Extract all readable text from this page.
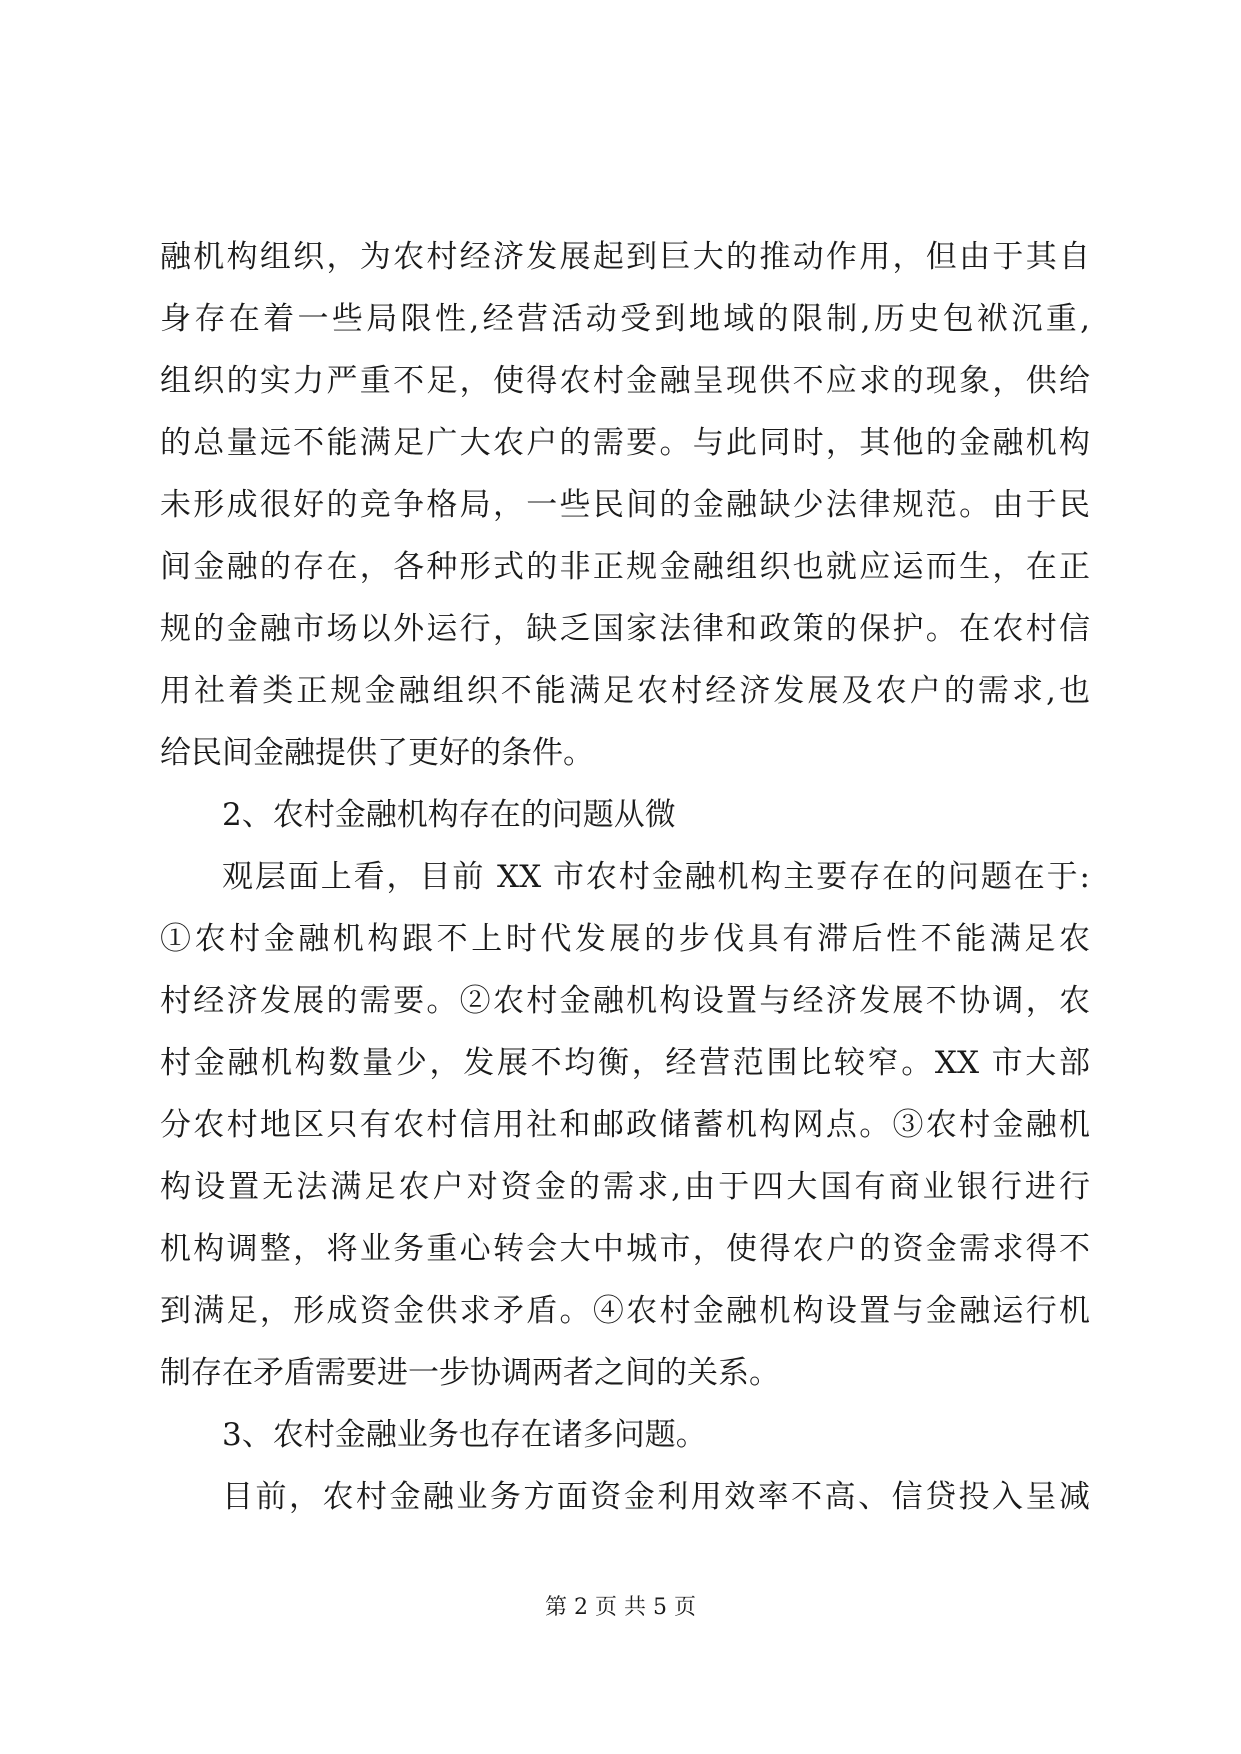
融机构组织，为农村经济发展起到巨大的推动作用，但由于其自
身存在着一些局限性,经营活动受到地域的限制,历史包袱沉重,
组织的实力严重不足，使得农村金融呈现供不应求的现象，供给
的总量远不能满足广大农户的需要。与此同时，其他的金融机构
未形成很好的竞争格局，一些民间的金融缺少法律规范。由于民
间金融的存在，各种形式的非正规金融组织也就应运而生，在正
规的金融市场以外运行，缺乏国家法律和政策的保护。在农村信
用社着类正规金融组织不能满足农村经济发展及农户的需求,也
给民间金融提供了更好的条件。
2、农村金融机构存在的问题从微
观层面上看，目前 XX 市农村金融机构主要存在的问题在于:
①农村金融机构跟不上时代发展的步伐具有滞后性不能满足农
村经济发展的需要。②农村金融机构设置与经济发展不协调，农
村金融机构数量少，发展不均衡，经营范围比较窄。XX 市大部
分农村地区只有农村信用社和邮政储蓄机构网点。③农村金融机
构设置无法满足农户对资金的需求,由于四大国有商业银行进行
机构调整，将业务重心转会大中城市，使得农户的资金需求得不
到满足，形成资金供求矛盾。④农村金融机构设置与金融运行机
制存在矛盾需要进一步协调两者之间的关系。
3、农村金融业务也存在诸多问题。
目前，农村金融业务方面资金利用效率不高、信贷投入呈减
第 2 页 共 5 页
